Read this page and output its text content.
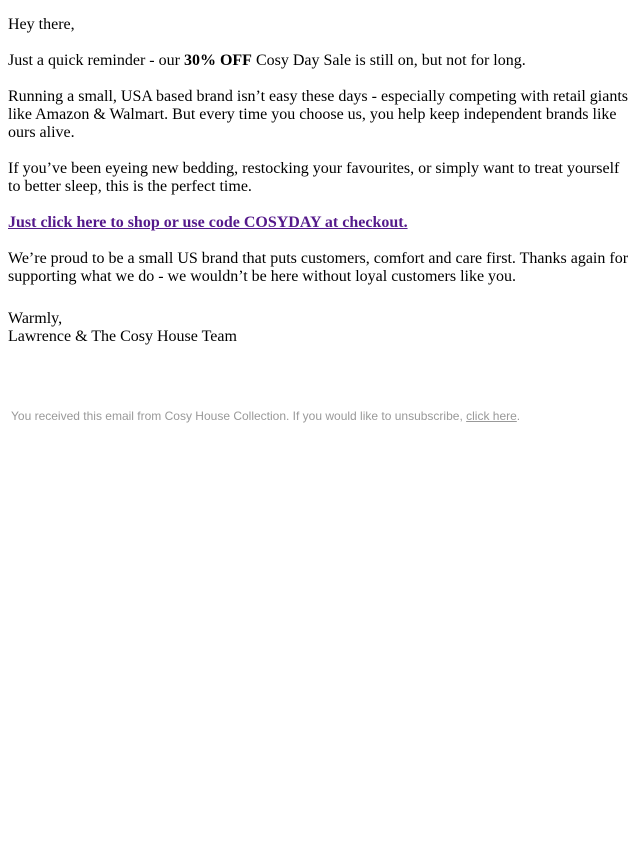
Hey there,

Just a quick reminder - our 30% OFF Cosy Day Sale is still on, but not for long.

Running a small, USA based brand isn’t easy these days - especially competing with retail giants like Amazon & Walmart. But every time you choose us, you help keep independent brands like ours alive.

If you’ve been eyeing new bedding, restocking your favourites, or simply want to treat yourself to better sleep, this is the perfect time.

Just click here to shop or use code COSYDAY at checkout.

We’re proud to be a small US brand that puts customers, comfort and care first. Thanks again for supporting what we do - we wouldn’t be here without loyal customers like you.

Warmly,
Lawrence & The Cosy House Team

You received this email from Cosy House Collection. If you would like to unsubscribe, click here.
